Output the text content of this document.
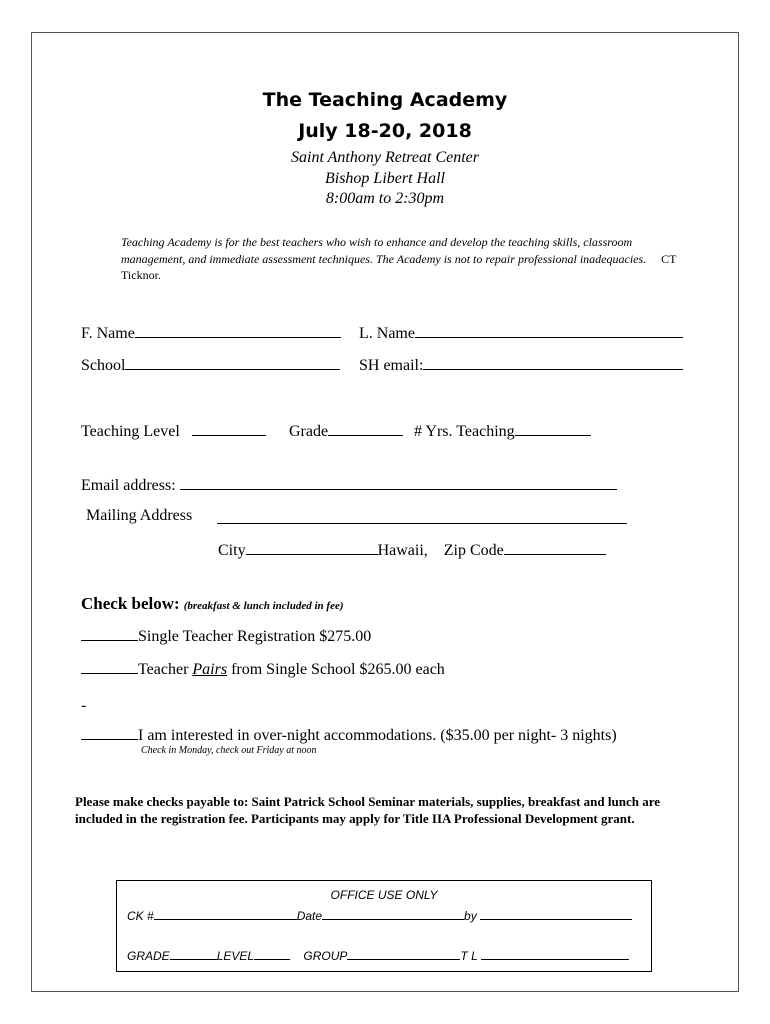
The Teaching Academy
July 18-20, 2018
Saint Anthony Retreat Center
Bishop Libert Hall
8:00am to 2:30pm
Teaching Academy is for the best teachers who wish to enhance and develop the teaching skills, classroom management, and immediate assessment techniques. The Academy is not to repair professional inadequacies. CT Ticknor.
F. Name	L. Name
School	SH email:
Teaching Level	Grade	# Yrs. Teaching
Email address:
Mailing Address
City	Hawaii, Zip Code
Check below: (breakfast & lunch included in fee)
Single Teacher Registration $275.00
Teacher Pairs from Single School $265.00 each
-
I am interested in over-night accommodations. ($35.00 per night- 3 nights)
Check in Monday, check out Friday at noon
Please make checks payable to: Saint Patrick School Seminar materials, supplies, breakfast and lunch are included in the registration fee. Participants may apply for Title IIA Professional Development grant.
OFFICE USE ONLY
CK #	Date	by
GRADE	LEVEL	GROUP	T L
